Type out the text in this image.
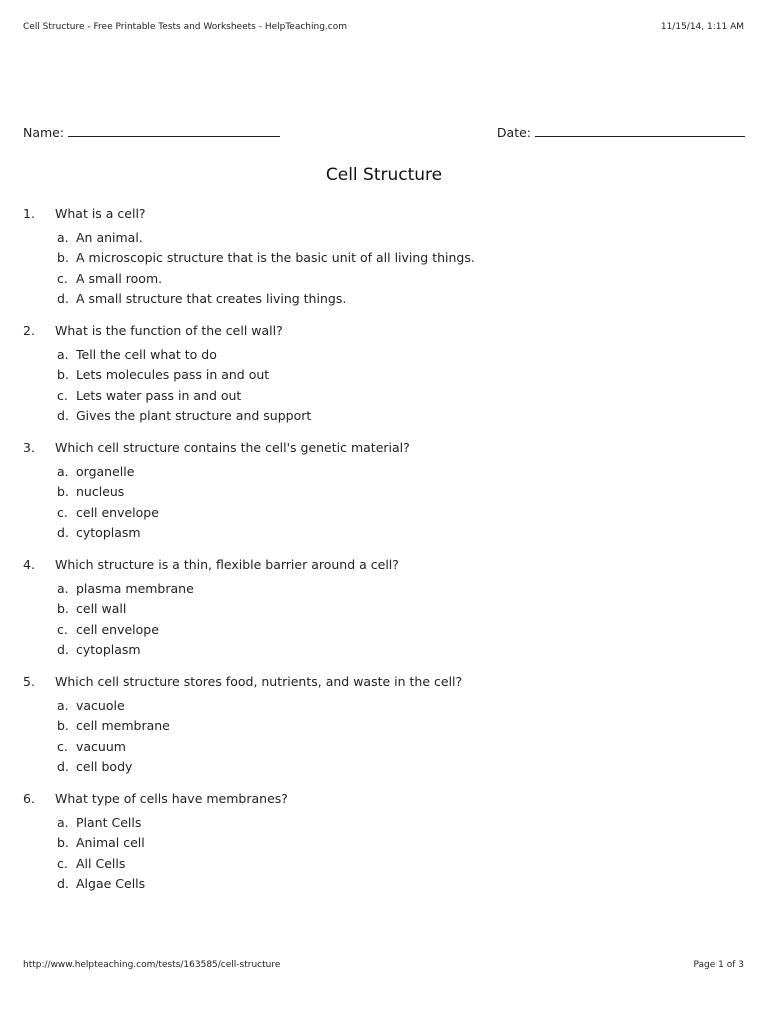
Cell Structure - Free Printable Tests and Worksheets - HelpTeaching.com	11/15/14, 1:11 AM
Name:	Date:
Cell Structure
1.	What is a cell?
a. An animal.
b. A microscopic structure that is the basic unit of all living things.
c. A small room.
d. A small structure that creates living things.
2.	What is the function of the cell wall?
a. Tell the cell what to do
b. Lets molecules pass in and out
c. Lets water pass in and out
d. Gives the plant structure and support
3.	Which cell structure contains the cell's genetic material?
a. organelle
b. nucleus
c. cell envelope
d. cytoplasm
4.	Which structure is a thin, flexible barrier around a cell?
a. plasma membrane
b. cell wall
c. cell envelope
d. cytoplasm
5.	Which cell structure stores food, nutrients, and waste in the cell?
a. vacuole
b. cell membrane
c. vacuum
d. cell body
6.	What type of cells have membranes?
a. Plant Cells
b. Animal cell
c. All Cells
d. Algae Cells
http://www.helpteaching.com/tests/163585/cell-structure	Page 1 of 3
